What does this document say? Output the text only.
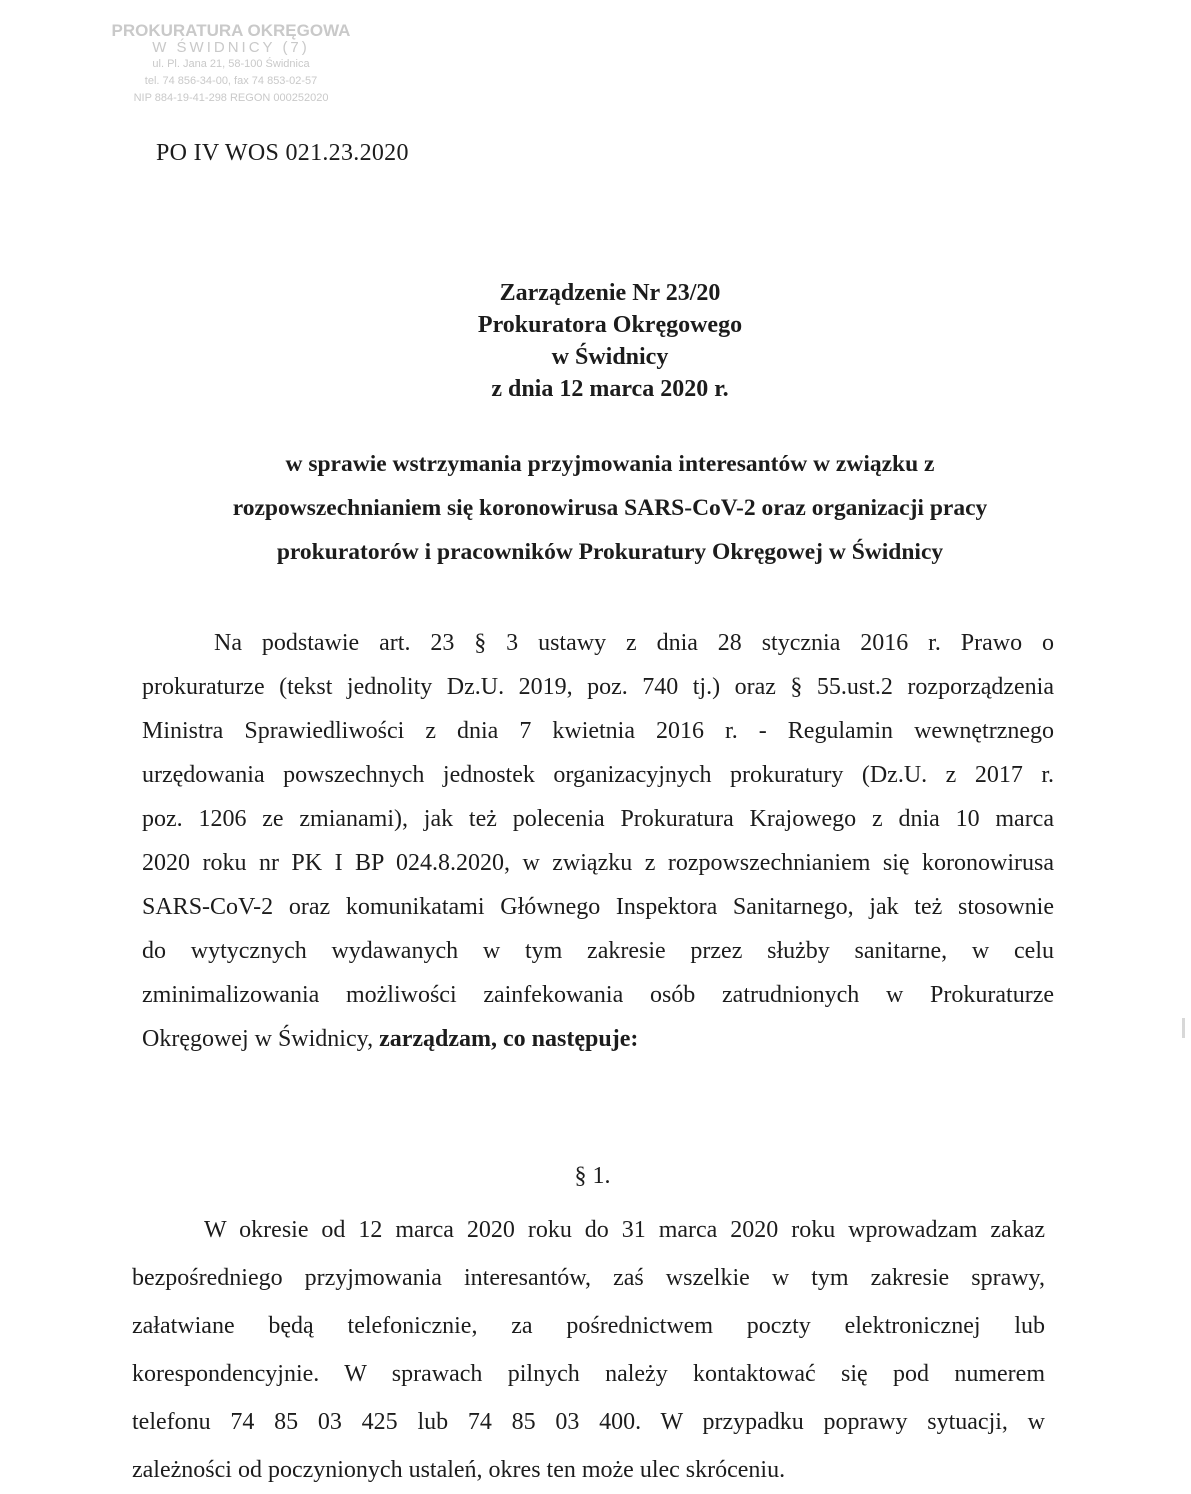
PROKURATURA OKRĘGOWA
W ŚWIDNICY (7)
ul. Pl. Jana 21, 58-100 Świdnica
tel. 74 856-34-00, fax 74 853-02-57
NIP 884-19-41-298 REGON 000252020
PO IV WOS 021.23.2020
Zarządzenie Nr 23/20
Prokuratora Okręgowego
w Świdnicy
z dnia 12 marca 2020 r.
w sprawie wstrzymania przyjmowania interesantów w związku z
rozpowszechnianiem się koronowirusa SARS-CoV-2 oraz organizacji pracy
prokuratorów i pracowników Prokuratury Okręgowej w Świdnicy
Na podstawie art. 23 § 3 ustawy z dnia 28 stycznia 2016 r. Prawo o
prokuraturze (tekst jednolity Dz.U. 2019, poz. 740 tj.) oraz § 55.ust.2 rozporządzenia
Ministra Sprawiedliwości z dnia 7 kwietnia 2016 r. - Regulamin wewnętrznego
urzędowania powszechnych jednostek organizacyjnych prokuratury (Dz.U. z 2017 r.
poz. 1206 ze zmianami), jak też polecenia Prokuratura Krajowego z dnia 10 marca
2020 roku nr PK I BP 024.8.2020, w związku z rozpowszechnianiem się koronowirusa
SARS-CoV-2 oraz komunikatami Głównego Inspektora Sanitarnego, jak też stosownie
do wytycznych wydawanych w tym zakresie przez służby sanitarne, w celu
zminimalizowania możliwości zainfekowania osób zatrudnionych w Prokuraturze
Okręgowej w Świdnicy, zarządzam, co następuje:
§ 1.
W okresie od 12 marca 2020 roku do 31 marca 2020 roku wprowadzam zakaz
bezpośredniego przyjmowania interesantów, zaś wszelkie w tym zakresie sprawy,
załatwiane będą telefonicznie, za pośrednictwem poczty elektronicznej lub
korespondencyjnie. W sprawach pilnych należy kontaktować się pod numerem
telefonu 74 85 03 425 lub 74 85 03 400. W przypadku poprawy sytuacji, w
zależności od poczynionych ustaleń, okres ten może ulec skróceniu.
